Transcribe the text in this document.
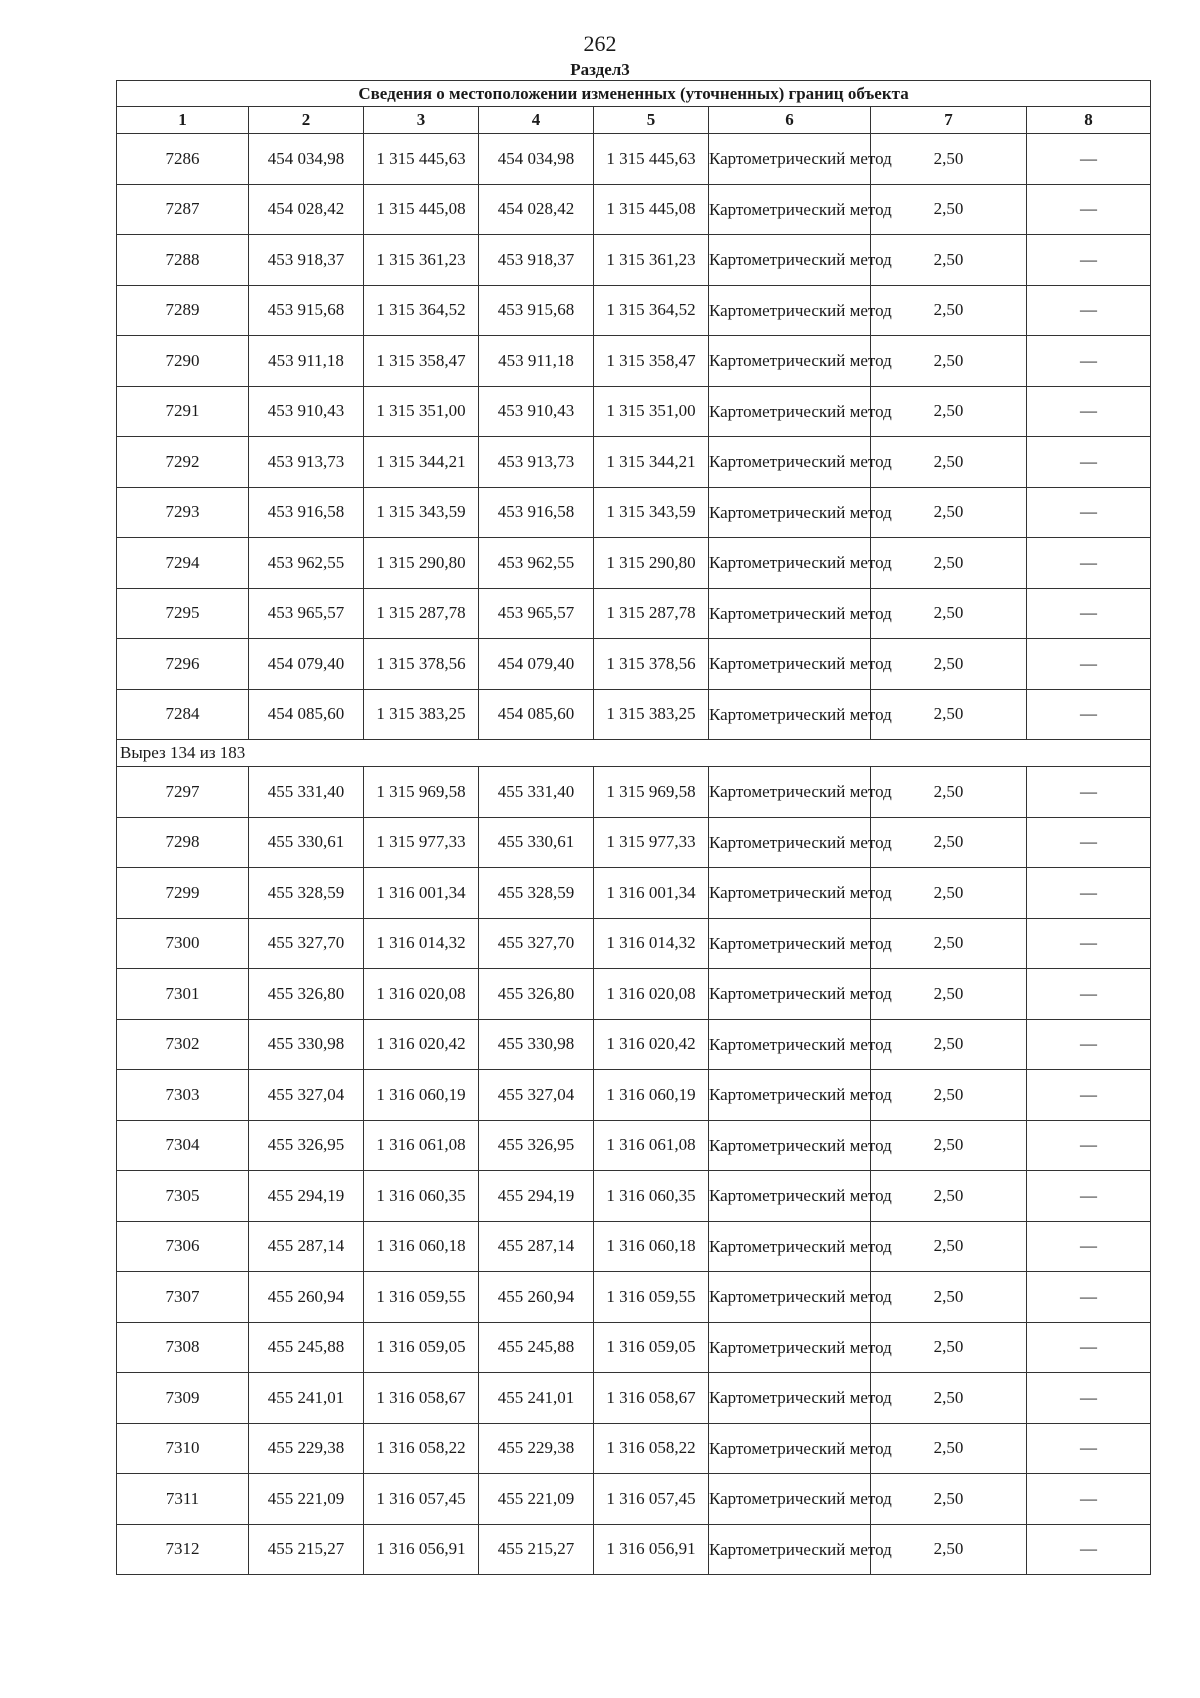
262
Раздел3
Сведения о местоположении измененных (уточненных) границ объекта							
1	2	3	4	5	6	7	8
7286	454 034,98	1 315 445,63	454 034,98	1 315 445,63	Картометрический метод	2,50	—
7287	454 028,42	1 315 445,08	454 028,42	1 315 445,08	Картометрический метод	2,50	—
7288	453 918,37	1 315 361,23	453 918,37	1 315 361,23	Картометрический метод	2,50	—
7289	453 915,68	1 315 364,52	453 915,68	1 315 364,52	Картометрический метод	2,50	—
7290	453 911,18	1 315 358,47	453 911,18	1 315 358,47	Картометрический метод	2,50	—
7291	453 910,43	1 315 351,00	453 910,43	1 315 351,00	Картометрический метод	2,50	—
7292	453 913,73	1 315 344,21	453 913,73	1 315 344,21	Картометрический метод	2,50	—
7293	453 916,58	1 315 343,59	453 916,58	1 315 343,59	Картометрический метод	2,50	—
7294	453 962,55	1 315 290,80	453 962,55	1 315 290,80	Картометрический метод	2,50	—
7295	453 965,57	1 315 287,78	453 965,57	1 315 287,78	Картометрический метод	2,50	—
7296	454 079,40	1 315 378,56	454 079,40	1 315 378,56	Картометрический метод	2,50	—
7284	454 085,60	1 315 383,25	454 085,60	1 315 383,25	Картометрический метод	2,50	—
Вырез 134 из 183							
7297	455 331,40	1 315 969,58	455 331,40	1 315 969,58	Картометрический метод	2,50	—
7298	455 330,61	1 315 977,33	455 330,61	1 315 977,33	Картометрический метод	2,50	—
7299	455 328,59	1 316 001,34	455 328,59	1 316 001,34	Картометрический метод	2,50	—
7300	455 327,70	1 316 014,32	455 327,70	1 316 014,32	Картометрический метод	2,50	—
7301	455 326,80	1 316 020,08	455 326,80	1 316 020,08	Картометрический метод	2,50	—
7302	455 330,98	1 316 020,42	455 330,98	1 316 020,42	Картометрический метод	2,50	—
7303	455 327,04	1 316 060,19	455 327,04	1 316 060,19	Картометрический метод	2,50	—
7304	455 326,95	1 316 061,08	455 326,95	1 316 061,08	Картометрический метод	2,50	—
7305	455 294,19	1 316 060,35	455 294,19	1 316 060,35	Картометрический метод	2,50	—
7306	455 287,14	1 316 060,18	455 287,14	1 316 060,18	Картометрический метод	2,50	—
7307	455 260,94	1 316 059,55	455 260,94	1 316 059,55	Картометрический метод	2,50	—
7308	455 245,88	1 316 059,05	455 245,88	1 316 059,05	Картометрический метод	2,50	—
7309	455 241,01	1 316 058,67	455 241,01	1 316 058,67	Картометрический метод	2,50	—
7310	455 229,38	1 316 058,22	455 229,38	1 316 058,22	Картометрический метод	2,50	—
7311	455 221,09	1 316 057,45	455 221,09	1 316 057,45	Картометрический метод	2,50	—
7312	455 215,27	1 316 056,91	455 215,27	1 316 056,91	Картометрический метод	2,50	—
